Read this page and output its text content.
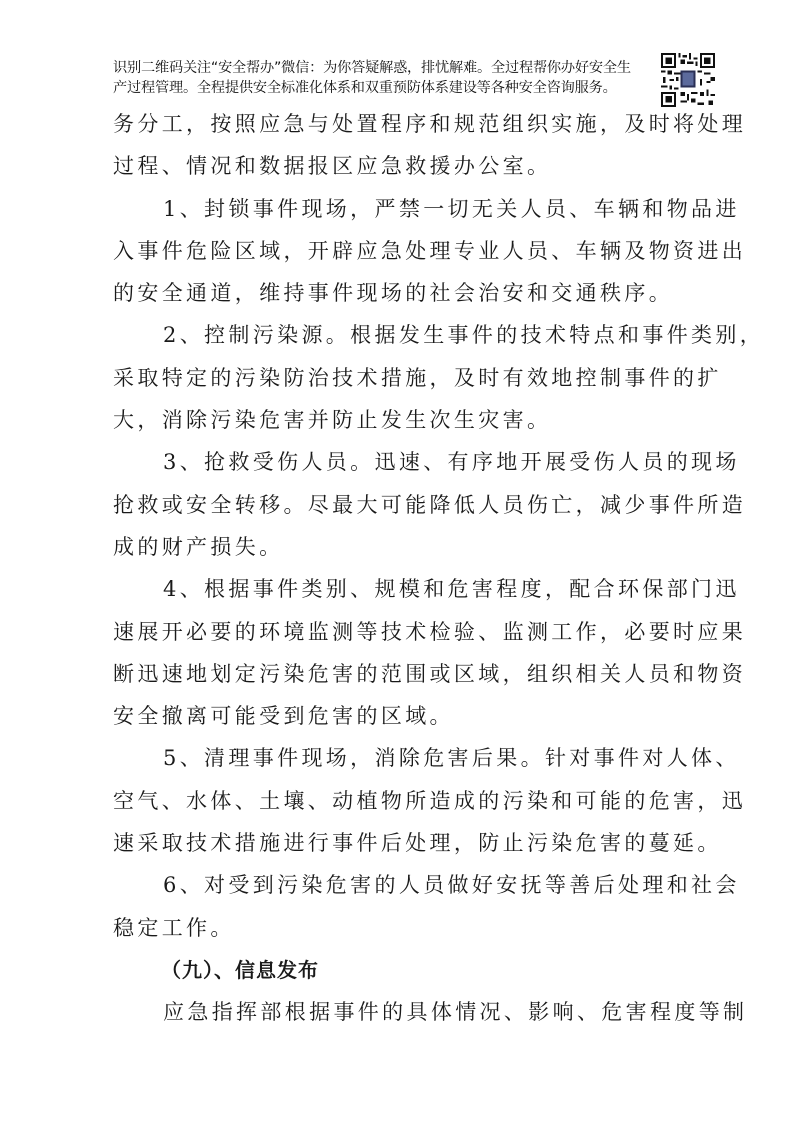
识别二维码关注“安全帮办”微信：为你答疑解惑，排忧解难。全过程帮你办好安全生
产过程管理。全程提供安全标准化体系和双重预防体系建设等各种安全咨询服务。
务分工，按照应急与处置程序和规范组织实施，及时将处理
过程、情况和数据报区应急救援办公室。
1、封锁事件现场，严禁一切无关人员、车辆和物品进
入事件危险区域，开辟应急处理专业人员、车辆及物资进出
的安全通道，维持事件现场的社会治安和交通秩序。
2、控制污染源。根据发生事件的技术特点和事件类别，
采取特定的污染防治技术措施，及时有效地控制事件的扩
大，消除污染危害并防止发生次生灾害。
3、抢救受伤人员。迅速、有序地开展受伤人员的现场
抢救或安全转移。尽最大可能降低人员伤亡，减少事件所造
成的财产损失。
4、根据事件类别、规模和危害程度，配合环保部门迅
速展开必要的环境监测等技术检验、监测工作，必要时应果
断迅速地划定污染危害的范围或区域，组织相关人员和物资
安全撤离可能受到危害的区域。
5、清理事件现场，消除危害后果。针对事件对人体、
空气、水体、土壤、动植物所造成的污染和可能的危害，迅
速采取技术措施进行事件后处理，防止污染危害的蔓延。
6、对受到污染危害的人员做好安抚等善后处理和社会
稳定工作。
（九）、信息发布
应急指挥部根据事件的具体情况、影响、危害程度等制
